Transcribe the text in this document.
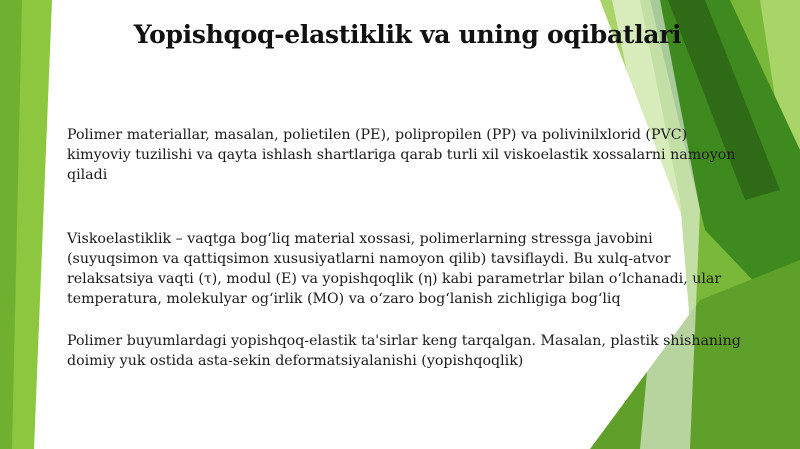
Yopishqoq-elastiklik va uning oqibatlari
Polimer materiallar, masalan, polietilen (PE), polipropilen (PP) va polivinilxlorid (PVC) kimyoviy tuzilishi va qayta ishlash shartlariga qarab turli xil viskoelastik xossalarni namoyon qiladi
Viskoelastiklik – vaqtga bog‘liq material xossasi, polimerlarning stressga javobini (suyuqsimon va qattiqsimon xususiyatlarni namoyon qilib) tavsiflaydi. Bu xulq-atvor relaksatsiya vaqti (τ), modul (E) va yopishqoqlik (η) kabi parametrlar bilan o‘lchanadi, ular temperatura, molekulyar og‘irlik (MO) va o‘zaro bog‘lanish zichligiga bog‘liq
Polimer buyumlardagi yopishqoq-elastik ta'sirlar keng tarqalgan. Masalan, plastik shishaning doimiy yuk ostida asta-sekin deformatsiyalanishi (yopishqoqlik)
